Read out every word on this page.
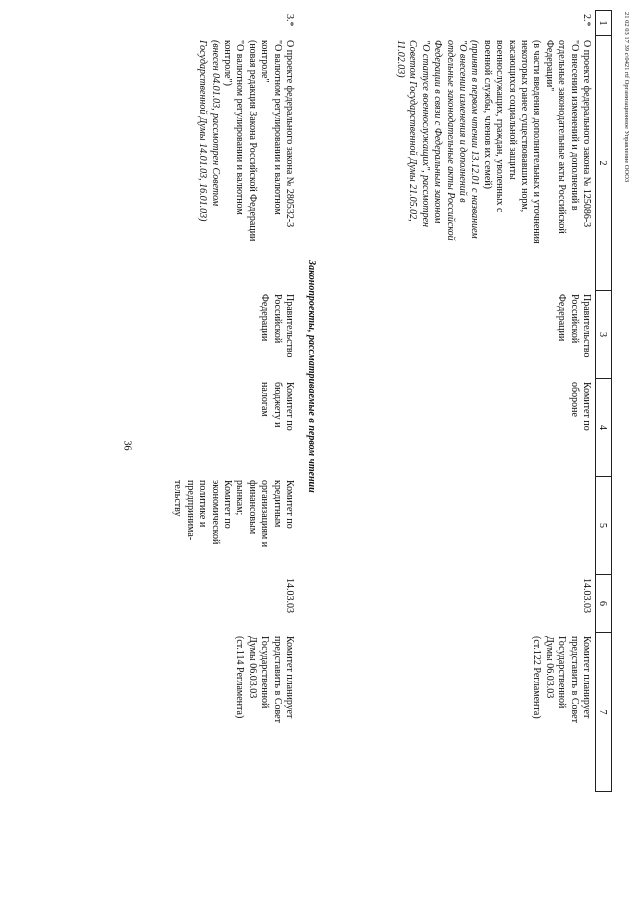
36
21 02 03 17 39 с\0421 rtf Организационное Управление ООО3
1
2
3
4
5
6
7
2.*
О проекте федерального закона № 125086-3
"О внесении изменений и дополнений в
отдельные законодательные акты Российской
Федерации"
(в части введения дополнительных и уточнения
некоторых ранее существовавших норм,
касающихся социальной защиты
военнослужащих, граждан, уволенных с
военной службы, членов их семей)
(принят в первом чтении 13.12.01 с названием
"О внесении изменения и дополнений в
отдельные законодательные акты Российской
Федерации в связи с Федеральным законом
"О статусе военнослужащих", рассмотрен
Советом Государственной Думы 21.05.02,
11.02.03)
Правительство
Российской
Федерации
Комитет по
обороне
14.03.03
Комитет планирует
представить в Совет
Государственной
Думы 06.03.03
(ст.122 Регламента)
Законопроекты, рассматриваемые в первом чтении
3.*
О проекте федерального закона № 280532-3
"О валютном регулировании и валютном
контроле"
(новая редакция Закона Российской Федерации
"О валютном регулировании и валютном
контроле")
(внесен 04.01.03, рассмотрен Советом
Государственной Думы 14.01.03, 16.01.03)
Правительство
Российской
Федерации
Комитет по
бюджету и
налогам
Комитет по
кредитным
организациям и
финансовым
рынкам;
Комитет по
экономической
политике и
предпринима-
тельству
14.03.03
Комитет планирует
представить в Совет
Государственной
Думы 06.03.03
(ст.114 Регламента)
